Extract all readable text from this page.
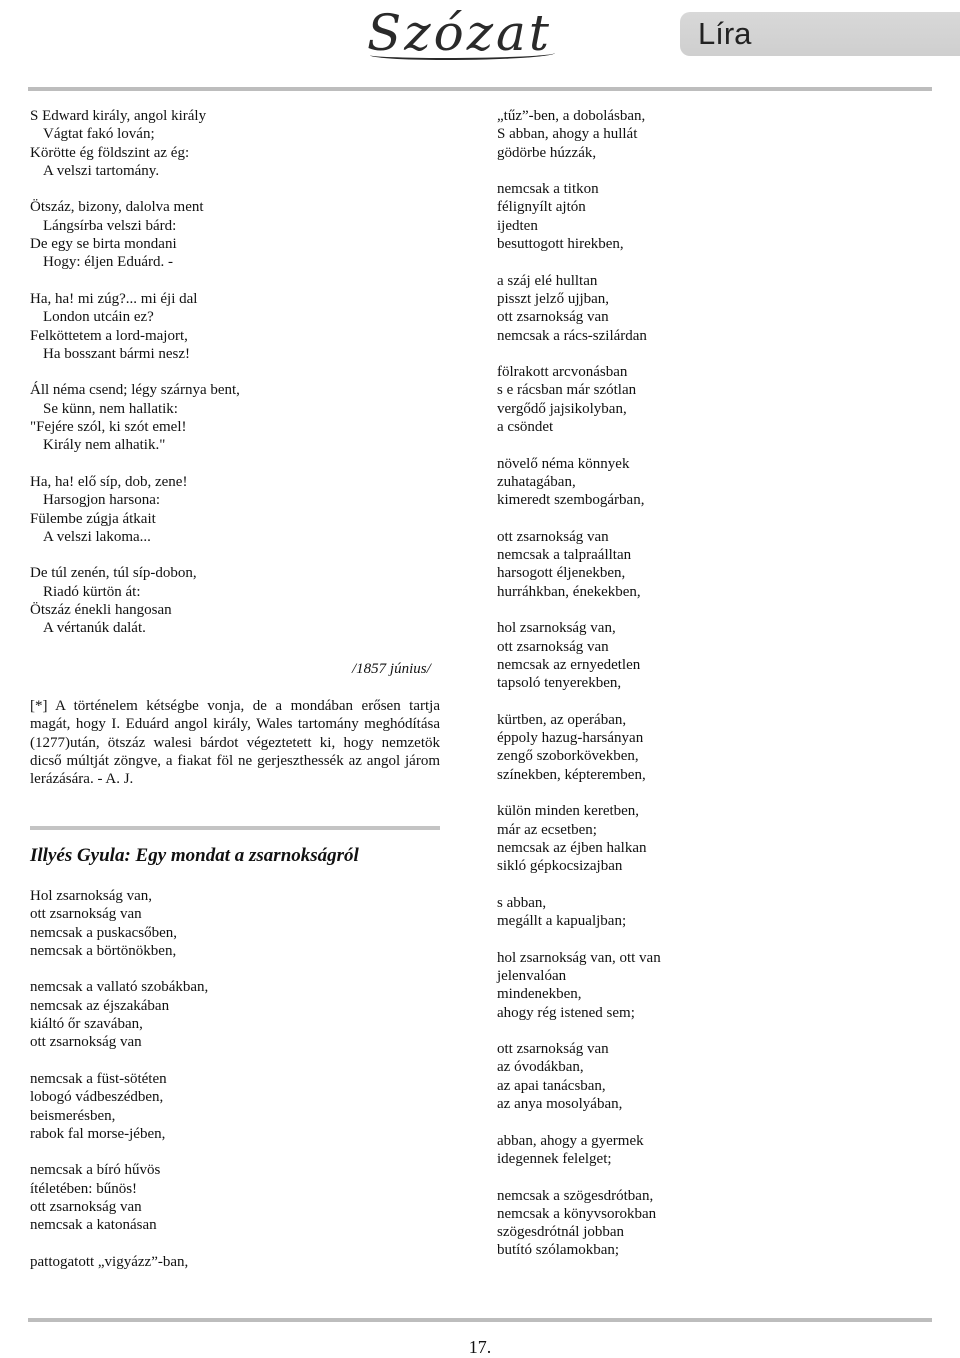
Szózat	Líra
S Edward király, angol király
Vágtat fakó lován;
Körötte ég földszint az ég:
A velszi tartomány.
Ötszáz, bizony, dalolva ment
Lángsírba velszi bárd:
De egy se birta mondani
Hogy: éljen Eduárd. -
Ha, ha! mi zúg?... mi éji dal
London utcáin ez?
Felköttetem a lord-majort,
Ha bosszant bármi nesz!
Áll néma csend; légy szárnya bent,
Se künn, nem hallatik:
"Fejére szól, ki szót emel!
Király nem alhatik."
Ha, ha! elő síp, dob, zene!
Harsogjon harsona:
Fülembe zúgja átkait
A velszi lakoma...
De túl zenén, túl síp-dobon,
Riadó kürtön át:
Ötszáz énekli hangosan
A vértanúk dalát.
/1857 június/
[*] A történelem kétségbe vonja, de a mondában erősen tartja magát, hogy I. Eduárd angol király, Wales tartomány meghódítása (1277)után, ötszáz walesi bárdot végeztetett ki, hogy nemzetök dicső múltját zöngve, a fiakat föl ne gerjeszthessék az angol járom lerázására. - A. J.
Illyés Gyula: Egy mondat a zsarnokságról
Hol zsarnokság van,
ott zsarnokság van
nemcsak a puskacsőben,
nemcsak a börtönökben,
nemcsak a vallató szobákban,
nemcsak az éjszakában
kiáltó őr szavában,
ott zsarnokság van
nemcsak a füst-sötéten
lobogó vádbeszédben,
beismerésben,
rabok fal morse-jében,
nemcsak a bíró hűvös
ítéletében: bűnös!
ott zsarnokság van
nemcsak a katonásan
pattogatott „vigyázz”-ban,
„tűz”-ben, a dobolásban,
S abban, ahogy a hullát
gödörbe húzzák,
nemcsak a titkon
félignyílt ajtón
ijedten
besuttogott hirekben,
a száj elé hulltan
pisszt jelző ujjban,
ott zsarnokság van
nemcsak a rács-szilárdan
fölrakott arcvonásban
s e rácsban már szótlan
vergődő jajsikolyban,
a csöndet
növelő néma könnyek
zuhatagában,
kimeredt szembogárban,
ott zsarnokság van
nemcsak a talpraálltan
harsogott éljenekben,
hurráhkban, énekekben,
hol zsarnokság van,
ott zsarnokság van
nemcsak az ernyedetlen
tapsoló tenyerekben,
kürtben, az operában,
éppoly hazug-harsányan
zengő szoborkövekben,
színekben, képteremben,
külön minden keretben,
már az ecsetben;
nemcsak az éjben halkan
sikló gépkocsizajban
s abban,
megállt a kapualjban;
hol zsarnokság van, ott van
jelenvalóan
mindenekben,
ahogy rég istened sem;
ott zsarnokság van
az óvodákban,
az apai tanácsban,
az anya mosolyában,
abban, ahogy a gyermek
idegennek felelget;
nemcsak a szögesdrótban,
nemcsak a könyvsorokban
szögesdrótnál jobban
butító szólamokban;
17.
